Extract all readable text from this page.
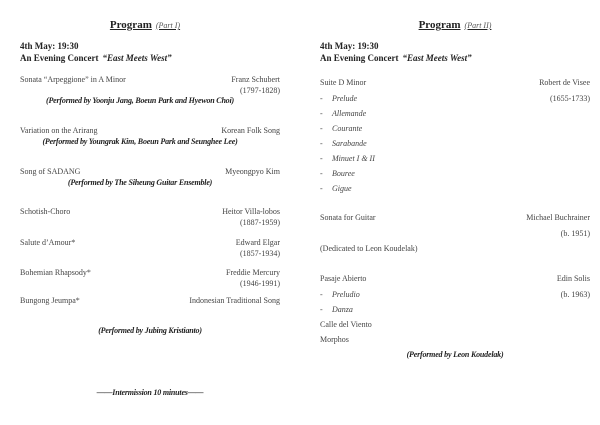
Program (Part I)
4th May: 19:30
An Evening Concert “East Meets West”
Sonata “Arpeggione” in A Minor	Franz Schubert
(1797-1828)
(Performed by Yoonju Jang, Boeun Park and Hyewon Choi)
Variation on the Arirang	Korean Folk Song
(Performed by Youngrak Kim, Boeun Park and Seunghee Lee)
Song of SADANG	Myeongpyo Kim
(Performed by The Siheung Guitar Ensemble)
Schotish-Choro	Heitor Villa-lobos
(1887-1959)
Salute d’Amour*	Edward Elgar
(1857-1934)
Bohemian Rhapsody*	Freddie Mercury
(1946-1991)
Bungong Jeumpa*	Indonesian Traditional Song
(Performed by Jubing Kristianto)
——Intermission 10 minutes——
Program (Part II)
4th May: 19:30
An Evening Concert “East Meets West”
Suite D Minor	Robert de Visee
(1655-1733)
- Prelude
- Allemande
- Courante
- Sarabande
- Minuet I & II
- Bouree
- Gigue
Sonata for Guitar	Michael Buchrainer
(b. 1951)
(Dedicated to Leon Koudelak)
Pasaje Abierto	Edin Solis
(b. 1963)
- Preludio
- Danza
Calle del Viento
Morphos
(Performed by Leon Koudelak)
